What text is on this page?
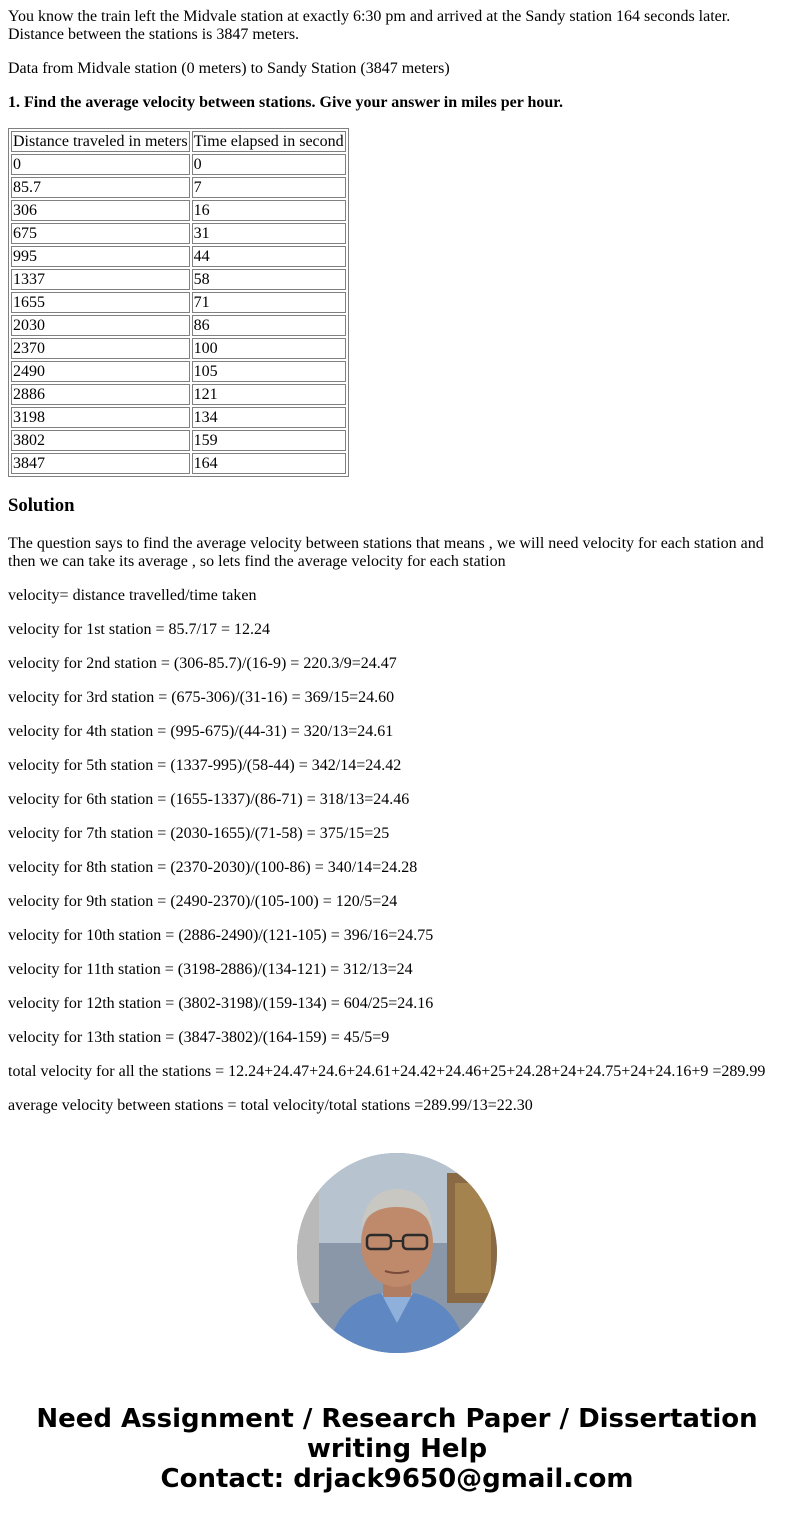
You know the train left the Midvale station at exactly 6:30 pm and arrived at the Sandy station 164 seconds later. Distance between the stations is 3847 meters.

Data from Midvale station (0 meters) to Sandy Station (3847 meters)

1. Find the average velocity between stations. Give your answer in miles per hour.

Distance traveled in meters	Time elapsed in second
0	0
85.7	7
306	16
675	31
995	44
1337	58
1655	71
2030	86
2370	100
2490	105
2886	121
3198	134
3802	159
3847	164
Solution

The question says to find the average velocity between stations that means , we will need velocity for each station and then we can take its average , so lets find the average velocity for each station

velocity= distance travelled/time taken

velocity for 1st station = 85.7/17 = 12.24

velocity for 2nd station = (306-85.7)/(16-9) = 220.3/9=24.47

velocity for 3rd station = (675-306)/(31-16) = 369/15=24.60

velocity for 4th station = (995-675)/(44-31) = 320/13=24.61

velocity for 5th station = (1337-995)/(58-44) = 342/14=24.42

velocity for 6th station = (1655-1337)/(86-71) = 318/13=24.46

velocity for 7th station = (2030-1655)/(71-58) = 375/15=25

velocity for 8th station = (2370-2030)/(100-86) = 340/14=24.28

velocity for 9th station = (2490-2370)/(105-100) = 120/5=24

velocity for 10th station = (2886-2490)/(121-105) = 396/16=24.75

velocity for 11th station = (3198-2886)/(134-121) = 312/13=24

velocity for 12th station = (3802-3198)/(159-134) = 604/25=24.16

velocity for 13th station = (3847-3802)/(164-159) = 45/5=9

total velocity for all the stations = 12.24+24.47+24.6+24.61+24.42+24.46+25+24.28+24+24.75+24+24.16+9 =289.99

average velocity between stations = total velocity/total stations =289.99/13=22.30

Need Assignment / Research Paper / Dissertation
writing Help
Contact: drjack9650@gmail.com
